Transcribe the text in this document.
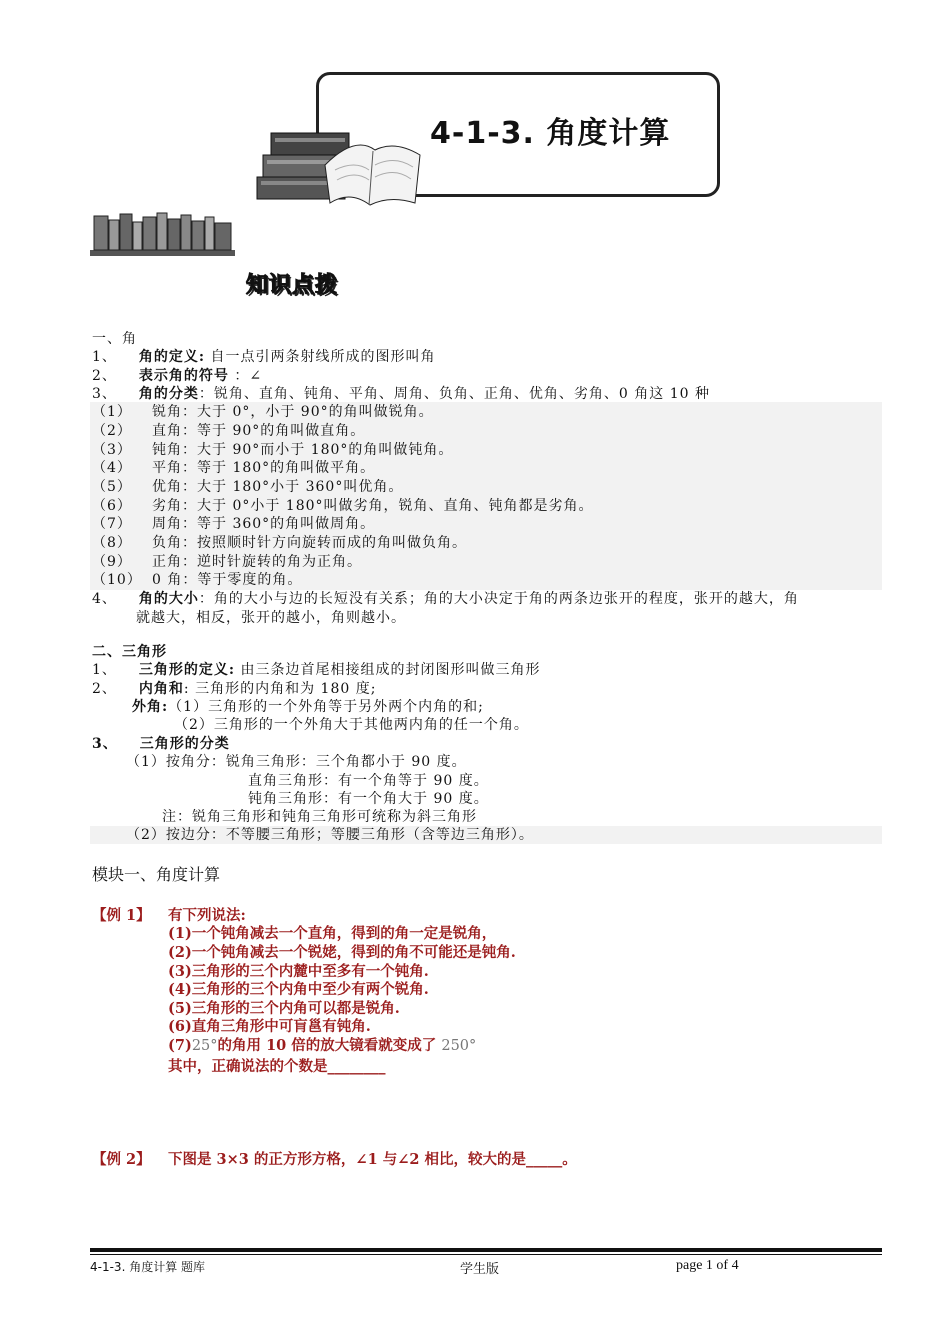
4-1-3. 角度计算
知识点拨
一、角
1、 角的定义: 自一点引两条射线所成的图形叫角
2、 表示角的符号 ：∠
3、 角的分类：锐角、直角、钝角、平角、周角、负角、正角、优角、劣角、0 角这 10 种
（1） 锐角：大于 0°，小于 90°的角叫做锐角。
（2） 直角：等于 90°的角叫做直角。
（3） 钝角：大于 90°而小于 180°的角叫做钝角。
（4） 平角：等于 180°的角叫做平角。
（5） 优角：大于 180°小于 360°叫优角。
（6） 劣角：大于 0°小于 180°叫做劣角，锐角、直角、钝角都是劣角。
（7） 周角：等于 360°的角叫做周角。
（8） 负角：按照顺时针方向旋转而成的角叫做负角。
（9） 正角：逆时针旋转的角为正角。
（10） 0 角：等于零度的角。
4、 角的大小：角的大小与边的长短没有关系；角的大小决定于角的两条边张开的程度，张开的越大，角
就越大，相反，张开的越小，角则越小。
二、三角形
1、 三角形的定义: 由三条边首尾相接组成的封闭图形叫做三角形
2、 内角和: 三角形的内角和为 180 度;
外角:（1）三角形的一个外角等于另外两个内角的和;
（2）三角形的一个外角大于其他两内角的任一个角。
3、 三角形的分类
（1）按角分：锐角三角形：三个角都小于 90 度。
直角三角形：有一个角等于 90 度。
钝角三角形：有一个角大于 90 度。
注：锐角三角形和钝角三角形可统称为斜三角形
（2）按边分：不等腰三角形；等腰三角形（含等边三角形）。
模块一、角度计算
【例 1】 有下列说法:
(1)一个钝角减去一个直角，得到的角一定是锐角，
(2)一个钝角减去一个锐姥，得到的角不可能还是钝角.
(3)三角形的三个内麓中至多有一个钝角.
(4)三角形的三个内角中至少有两个锐角.
(5)三角形的三个内角可以都是锐角.
(6)直角三角形中可肓邕有钝角.
(7)25°的角用 10 倍的放大镜看就变成了 250°
其中，正确说法的个数是________
【例 2】 下图是 3×3 的正方形方格，∠1 与∠2 相比，较大的是_____。
4-1-3. 角度计算 题库	学生版	page 1 of 4
